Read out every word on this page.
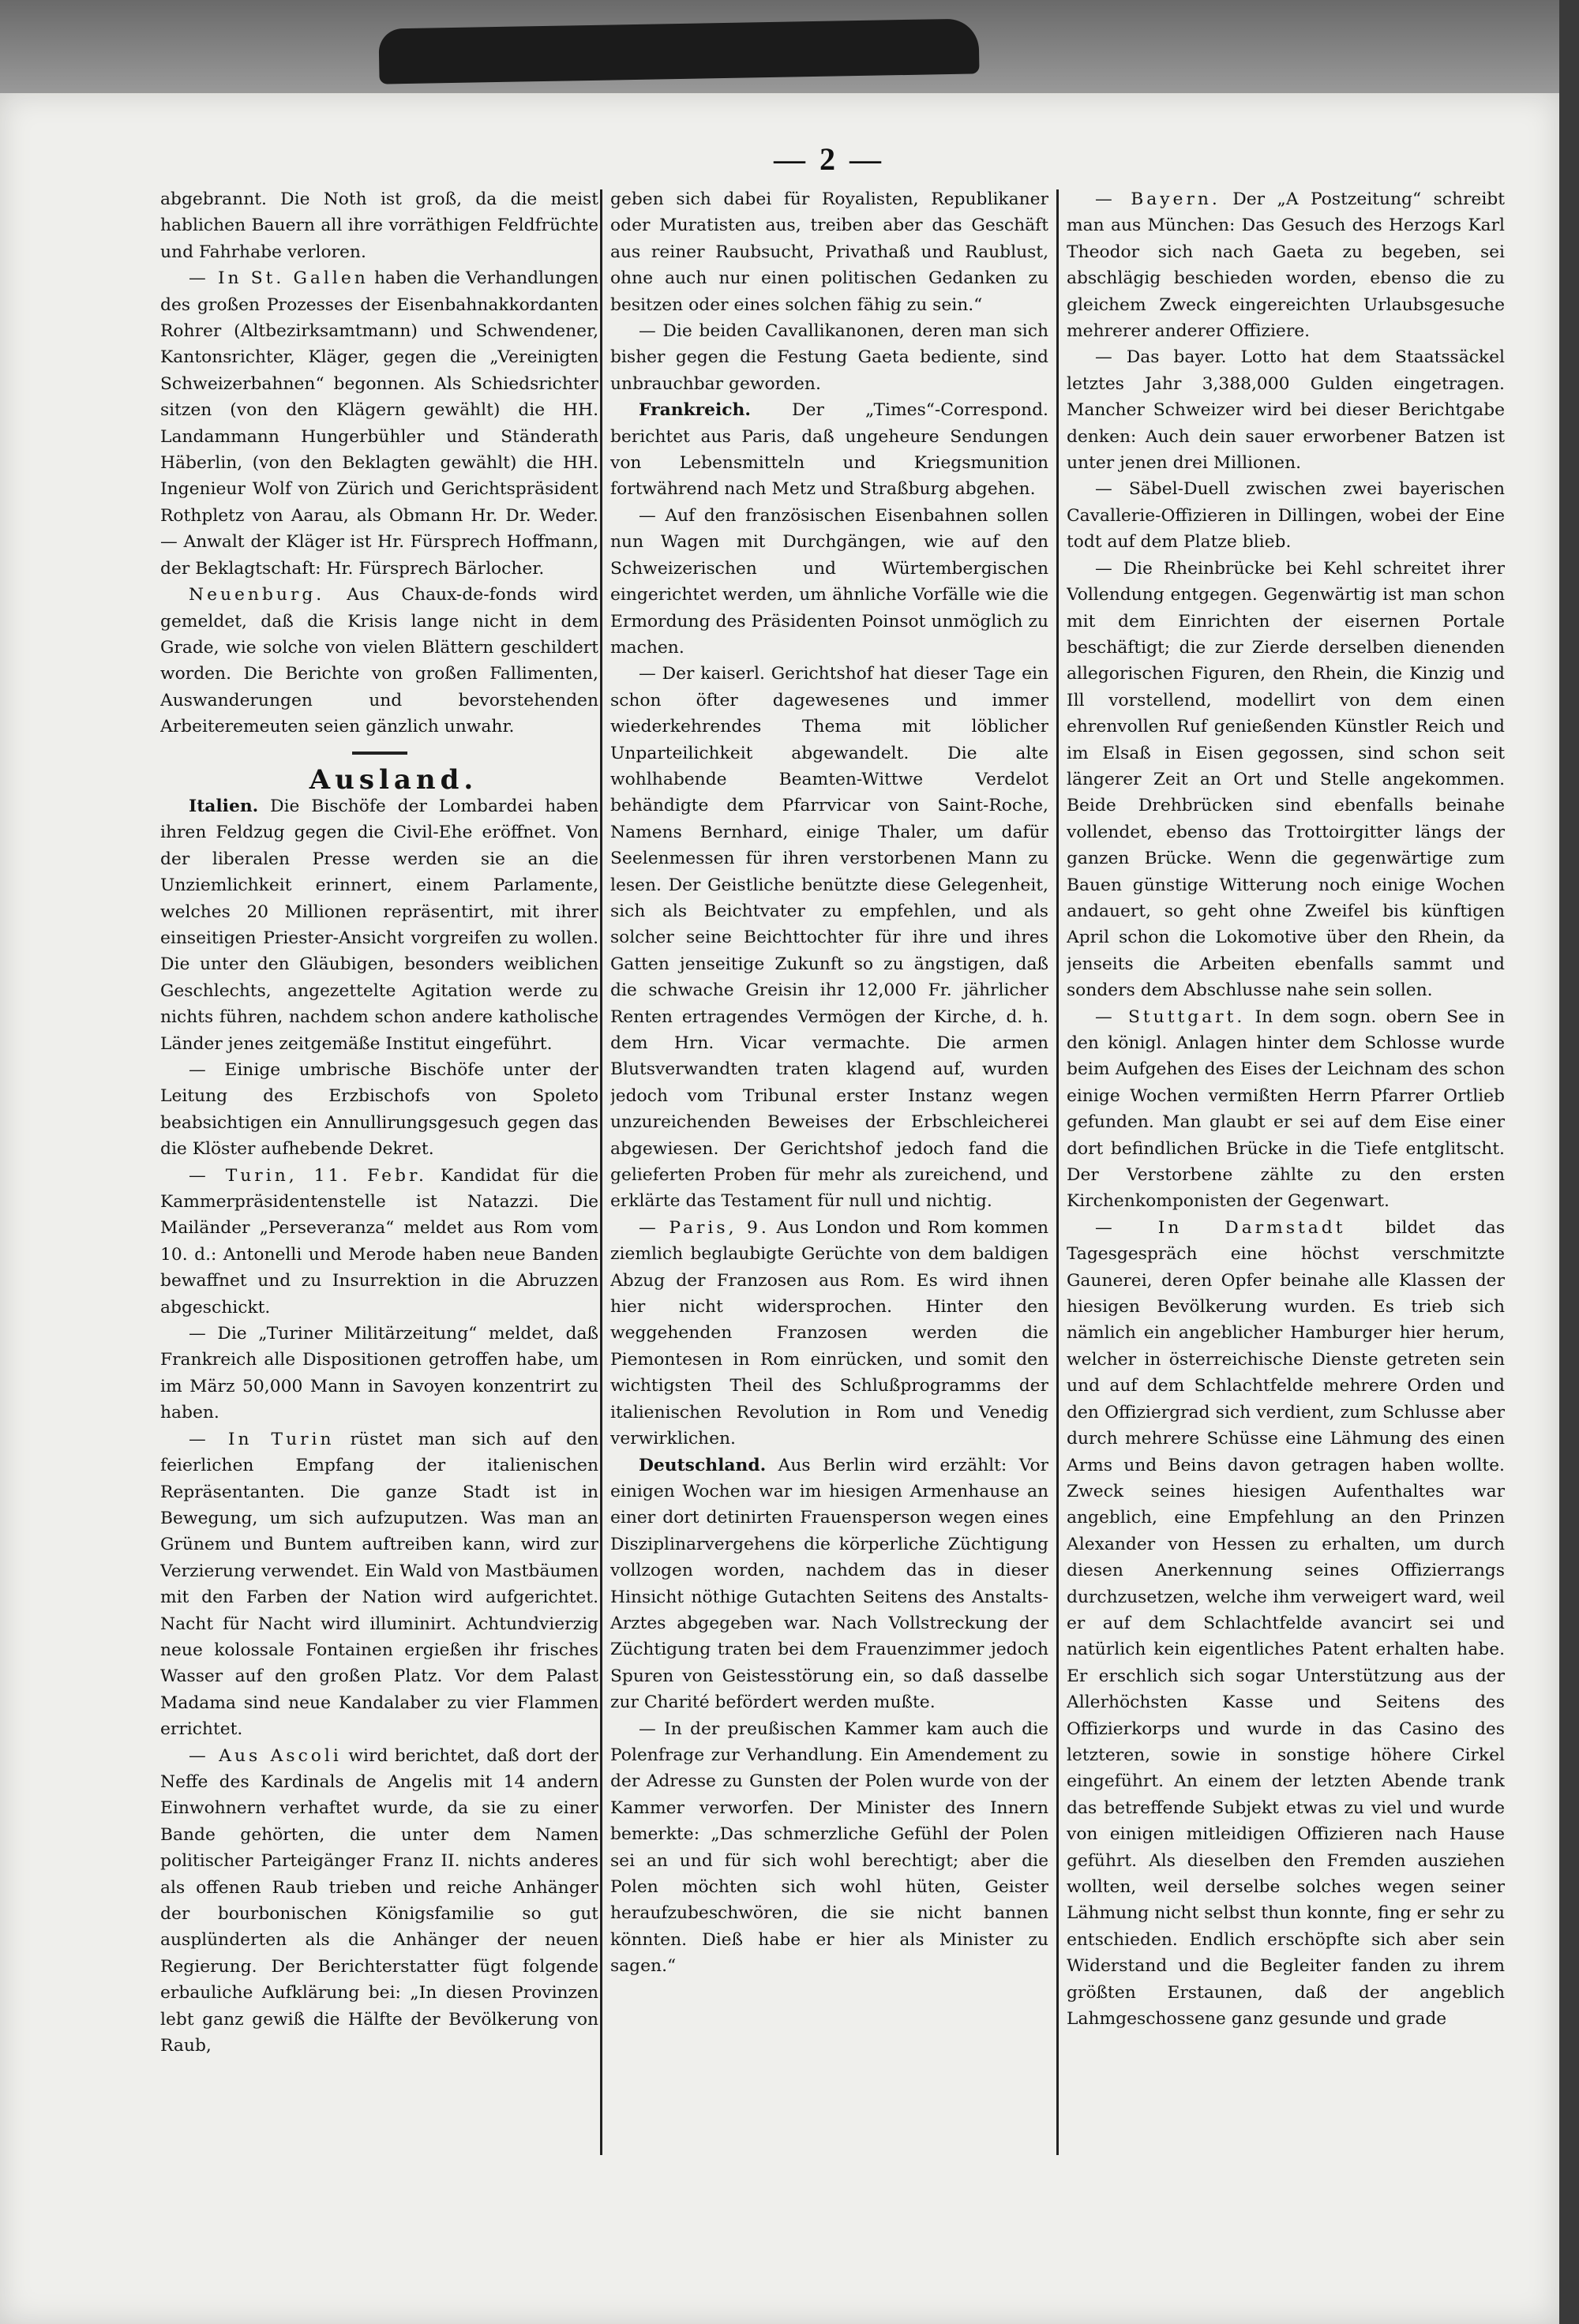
— 2 —

abgebrannt. Die Noth ist groß, da die meist hablichen Bauern all ihre vorräthigen Feldfrüchte und Fahrhabe verloren.

— In St. Gallen haben die Verhandlungen des großen Prozesses der Eisenbahnakkordanten Rohrer (Altbezirksamtmann) und Schwendener, Kantonsrichter, Kläger, gegen die „Vereinigten Schweizerbahnen“ begonnen. Als Schiedsrichter sitzen (von den Klägern gewählt) die HH. Landammann Hungerbühler und Ständerath Häberlin, (von den Beklagten gewählt) die HH. Ingenieur Wolf von Zürich und Gerichtspräsident Rothpletz von Aarau, als Obmann Hr. Dr. Weder. — Anwalt der Kläger ist Hr. Fürsprech Hoffmann, der Beklagtschaft: Hr. Fürsprech Bärlocher.

Neuenburg. Aus Chaux-de-fonds wird gemeldet, daß die Krisis lange nicht in dem Grade, wie solche von vielen Blättern geschildert worden. Die Berichte von großen Fallimenten, Auswanderungen und bevorstehenden Arbeiteremeuten seien gänzlich unwahr.

Ausland.

Italien. Die Bischöfe der Lombardei haben ihren Feldzug gegen die Civil-Ehe eröffnet. Von der liberalen Presse werden sie an die Unziemlichkeit erinnert, einem Parlamente, welches 20 Millionen repräsentirt, mit ihrer einseitigen Priester-Ansicht vorgreifen zu wollen. Die unter den Gläubigen, besonders weiblichen Geschlechts, angezettelte Agitation werde zu nichts führen, nachdem schon andere katholische Länder jenes zeitgemäße Institut eingeführt.

— Einige umbrische Bischöfe unter der Leitung des Erzbischofs von Spoleto beabsichtigen ein Annullirungsgesuch gegen das die Klöster aufhebende Dekret.

— Turin, 11. Febr. Kandidat für die Kammerpräsidentenstelle ist Natazzi. Die Mailänder „Perseveranza“ meldet aus Rom vom 10. d.: Antonelli und Merode haben neue Banden bewaffnet und zu Insurrektion in die Abruzzen abgeschickt.

— Die „Turiner Militärzeitung“ meldet, daß Frankreich alle Dispositionen getroffen habe, um im März 50,000 Mann in Savoyen konzentrirt zu haben.

— In Turin rüstet man sich auf den feierlichen Empfang der italienischen Repräsentanten. Die ganze Stadt ist in Bewegung, um sich aufzuputzen. Was man an Grünem und Buntem auftreiben kann, wird zur Verzierung verwendet. Ein Wald von Mastbäumen mit den Farben der Nation wird aufgerichtet. Nacht für Nacht wird illuminirt. Achtundvierzig neue kolossale Fontainen ergießen ihr frisches Wasser auf den großen Platz. Vor dem Palast Madama sind neue Kandalaber zu vier Flammen errichtet.

— Aus Ascoli wird berichtet, daß dort der Neffe des Kardinals de Angelis mit 14 andern Einwohnern verhaftet wurde, da sie zu einer Bande gehörten, die unter dem Namen politischer Parteigänger Franz II. nichts anderes als offenen Raub trieben und reiche Anhänger der bourbonischen Königsfamilie so gut ausplünderten als die Anhänger der neuen Regierung. Der Berichterstatter fügt folgende erbauliche Aufklärung bei: „In diesen Provinzen lebt ganz gewiß die Hälfte der Bevölkerung von Raub,

geben sich dabei für Royalisten, Republikaner oder Muratisten aus, treiben aber das Geschäft aus reiner Raubsucht, Privathaß und Raublust, ohne auch nur einen politischen Gedanken zu besitzen oder eines solchen fähig zu sein.“

— Die beiden Cavallikanonen, deren man sich bisher gegen die Festung Gaeta bediente, sind unbrauchbar geworden.

Frankreich. Der „Times“-Correspond. berichtet aus Paris, daß ungeheure Sendungen von Lebensmitteln und Kriegsmunition fortwährend nach Metz und Straßburg abgehen.

— Auf den französischen Eisenbahnen sollen nun Wagen mit Durchgängen, wie auf den Schweizerischen und Würtembergischen eingerichtet werden, um ähnliche Vorfälle wie die Ermordung des Präsidenten Poinsot unmöglich zu machen.

— Der kaiserl. Gerichtshof hat dieser Tage ein schon öfter dagewesenes und immer wiederkehrendes Thema mit löblicher Unparteilichkeit abgewandelt. Die alte wohlhabende Beamten-Wittwe Verdelot behändigte dem Pfarrvicar von Saint-Roche, Namens Bernhard, einige Thaler, um dafür Seelenmessen für ihren verstorbenen Mann zu lesen. Der Geistliche benützte diese Gelegenheit, sich als Beichtvater zu empfehlen, und als solcher seine Beichttochter für ihre und ihres Gatten jenseitige Zukunft so zu ängstigen, daß die schwache Greisin ihr 12,000 Fr. jährlicher Renten ertragendes Vermögen der Kirche, d. h. dem Hrn. Vicar vermachte. Die armen Blutsverwandten traten klagend auf, wurden jedoch vom Tribunal erster Instanz wegen unzureichenden Beweises der Erbschleicherei abgewiesen. Der Gerichtshof jedoch fand die gelieferten Proben für mehr als zureichend, und erklärte das Testament für null und nichtig.

— Paris, 9. Aus London und Rom kommen ziemlich beglaubigte Gerüchte von dem baldigen Abzug der Franzosen aus Rom. Es wird ihnen hier nicht widersprochen. Hinter den weggehenden Franzosen werden die Piemontesen in Rom einrücken, und somit den wichtigsten Theil des Schlußprogramms der italienischen Revolution in Rom und Venedig verwirklichen.

Deutschland. Aus Berlin wird erzählt: Vor einigen Wochen war im hiesigen Armenhause an einer dort detinirten Frauensperson wegen eines Disziplinarvergehens die körperliche Züchtigung vollzogen worden, nachdem das in dieser Hinsicht nöthige Gutachten Seitens des Anstalts-Arztes abgegeben war. Nach Vollstreckung der Züchtigung traten bei dem Frauenzimmer jedoch Spuren von Geistesstörung ein, so daß dasselbe zur Charité befördert werden mußte.

— In der preußischen Kammer kam auch die Polenfrage zur Verhandlung. Ein Amendement zu der Adresse zu Gunsten der Polen wurde von der Kammer verworfen. Der Minister des Innern bemerkte: „Das schmerzliche Gefühl der Polen sei an und für sich wohl berechtigt; aber die Polen möchten sich wohl hüten, Geister heraufzubeschwören, die sie nicht bannen könnten. Dieß habe er hier als Minister zu sagen.“

— Bayern. Der „A Postzeitung“ schreibt man aus München: Das Gesuch des Herzogs Karl Theodor sich nach Gaeta zu begeben, sei abschlägig beschieden worden, ebenso die zu gleichem Zweck eingereichten Urlaubsgesuche mehrerer anderer Offiziere.

— Das bayer. Lotto hat dem Staatssäckel letztes Jahr 3,388,000 Gulden eingetragen. Mancher Schweizer wird bei dieser Berichtgabe denken: Auch dein sauer erworbener Batzen ist unter jenen drei Millionen.

— Säbel-Duell zwischen zwei bayerischen Cavallerie-Offizieren in Dillingen, wobei der Eine todt auf dem Platze blieb.

— Die Rheinbrücke bei Kehl schreitet ihrer Vollendung entgegen. Gegenwärtig ist man schon mit dem Einrichten der eisernen Portale beschäftigt; die zur Zierde derselben dienenden allegorischen Figuren, den Rhein, die Kinzig und Ill vorstellend, modellirt von dem einen ehrenvollen Ruf genießenden Künstler Reich und im Elsaß in Eisen gegossen, sind schon seit längerer Zeit an Ort und Stelle angekommen. Beide Drehbrücken sind ebenfalls beinahe vollendet, ebenso das Trottoirgitter längs der ganzen Brücke. Wenn die gegenwärtige zum Bauen günstige Witterung noch einige Wochen andauert, so geht ohne Zweifel bis künftigen April schon die Lokomotive über den Rhein, da jenseits die Arbeiten ebenfalls sammt und sonders dem Abschlusse nahe sein sollen.

— Stuttgart. In dem sogn. obern See in den königl. Anlagen hinter dem Schlosse wurde beim Aufgehen des Eises der Leichnam des schon einige Wochen vermißten Herrn Pfarrer Ortlieb gefunden. Man glaubt er sei auf dem Eise einer dort befindlichen Brücke in die Tiefe entglitscht. Der Verstorbene zählte zu den ersten Kirchenkomponisten der Gegenwart.

— In Darmstadt bildet das Tagesgespräch eine höchst verschmitzte Gaunerei, deren Opfer beinahe alle Klassen der hiesigen Bevölkerung wurden. Es trieb sich nämlich ein angeblicher Hamburger hier herum, welcher in österreichische Dienste getreten sein und auf dem Schlachtfelde mehrere Orden und den Offiziergrad sich verdient, zum Schlusse aber durch mehrere Schüsse eine Lähmung des einen Arms und Beins davon getragen haben wollte. Zweck seines hiesigen Aufenthaltes war angeblich, eine Empfehlung an den Prinzen Alexander von Hessen zu erhalten, um durch diesen Anerkennung seines Offizierrangs durchzusetzen, welche ihm verweigert ward, weil er auf dem Schlachtfelde avancirt sei und natürlich kein eigentliches Patent erhalten habe. Er erschlich sich sogar Unterstützung aus der Allerhöchsten Kasse und Seitens des Offizierkorps und wurde in das Casino des letzteren, sowie in sonstige höhere Cirkel eingeführt. An einem der letzten Abende trank das betreffende Subjekt etwas zu viel und wurde von einigen mitleidigen Offizieren nach Hause geführt. Als dieselben den Fremden ausziehen wollten, weil derselbe solches wegen seiner Lähmung nicht selbst thun konnte, fing er sehr zu entschieden. Endlich erschöpfte sich aber sein Widerstand und die Begleiter fanden zu ihrem größten Erstaunen, daß der angeblich Lahmgeschossene ganz gesunde und grade
